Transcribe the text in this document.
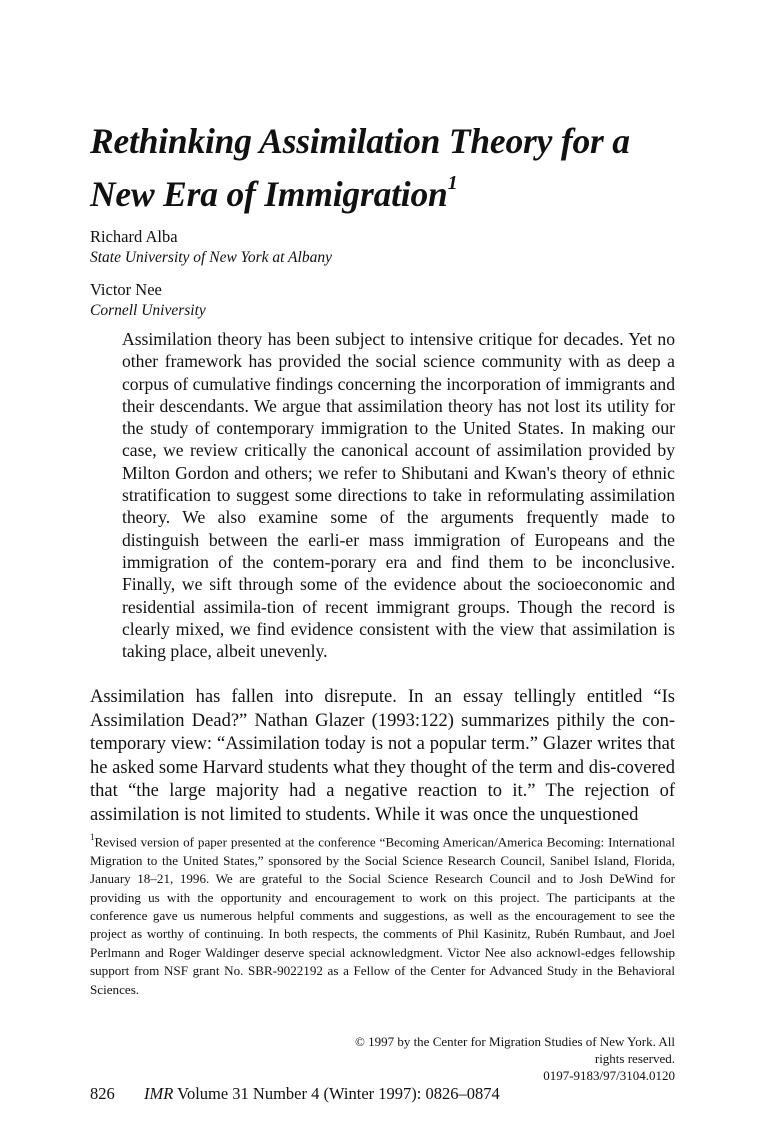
Rethinking Assimilation Theory for a
New Era of Immigration$^1$
Richard Alba
State University of New York at Albany
Victor Nee
Cornell University

Assimilation theory has been subject to intensive critique for decades. Yet no other framework has provided the social science community with as deep a corpus of cumulative findings concerning the incorporation of immigrants and their descendants. We argue that assimilation theory has not lost its utility for the study of contemporary immigration to the United States. In making our case, we review critically the canonical account of assimilation provided by Milton Gordon and others; we refer to Shibutani and Kwan's theory of ethnic stratification to suggest some directions to take in reformulating assimilation theory. We also examine some of the arguments frequently made to distinguish between the earli-er mass immigration of Europeans and the immigration of the contem-porary era and find them to be inconclusive. Finally, we sift through some of the evidence about the socioeconomic and residential assimila-tion of recent immigrant groups. Though the record is clearly mixed, we find evidence consistent with the view that assimilation is taking place, albeit unevenly.

Assimilation has fallen into disrepute. In an essay tellingly entitled “Is Assimilation Dead?” Nathan Glazer (1993:122) summarizes pithily the con-temporary view: “Assimilation today is not a popular term.” Glazer writes that he asked some Harvard students what they thought of the term and dis-covered that “the large majority had a negative reaction to it.” The rejection of assimilation is not limited to students. While it was once the unquestioned

$^1$Revised version of paper presented at the conference “Becoming American/America Becoming: International Migration to the United States,” sponsored by the Social Science Research Council, Sanibel Island, Florida, January 18–21, 1996. We are grateful to the Social Science Research Council and to Josh DeWind for providing us with the opportunity and encouragement to work on this project. The participants at the conference gave us numerous helpful comments and suggestions, as well as the encouragement to see the project as worthy of continuing. In both respects, the comments of Phil Kasinitz, Rubén Rumbaut, and Joel Perlmann and Roger Waldinger deserve special acknowledgment. Victor Nee also acknowl-edges fellowship support from NSF grant No. SBR-9022192 as a Fellow of the Center for Advanced Study in the Behavioral Sciences.

© 1997 by the Center for Migration Studies of New York. All rights reserved.
0197-9183/97/3104.0120
826 IMR Volume 31 Number 4 (Winter 1997): 0826–0874
